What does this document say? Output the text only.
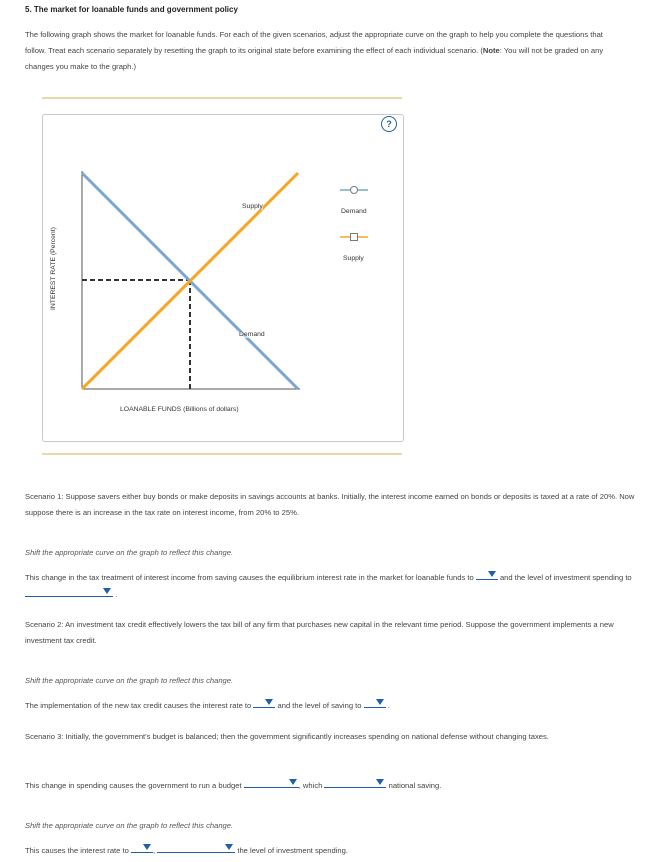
5. The market for loanable funds and government policy
The following graph shows the market for loanable funds. For each of the given scenarios, adjust the appropriate curve on the graph to help you complete the questions that follow. Treat each scenario separately by resetting the graph to its original state before examining the effect of each individual scenario. (Note: You will not be graded on any changes you make to the graph.)
?
Supply
Demand
Demand
Supply
INTEREST RATE (Percent)
LOANABLE FUNDS (Billions of dollars)
Scenario 1: Suppose savers either buy bonds or make deposits in savings accounts at banks. Initially, the interest income earned on bonds or deposits is taxed at a rate of 20%. Now suppose there is an increase in the tax rate on interest income, from 20% to 25%.
Shift the appropriate curve on the graph to reflect this change.
This change in the tax treatment of interest income from saving causes the equilibrium interest rate in the market for loanable funds to	and the level of investment spending to
.
Scenario 2: An investment tax credit effectively lowers the tax bill of any firm that purchases new capital in the relevant time period. Suppose the government implements a new investment tax credit.
Shift the appropriate curve on the graph to reflect this change.
The implementation of the new tax credit causes the interest rate to	and the level of saving to	.
Scenario 3: Initially, the government's budget is balanced; then the government significantly increases spending on national defense without changing taxes.
This change in spending causes the government to run a budget	, which	national saving.
Shift the appropriate curve on the graph to reflect this change.
This causes the interest rate to	,	the level of investment spending.
